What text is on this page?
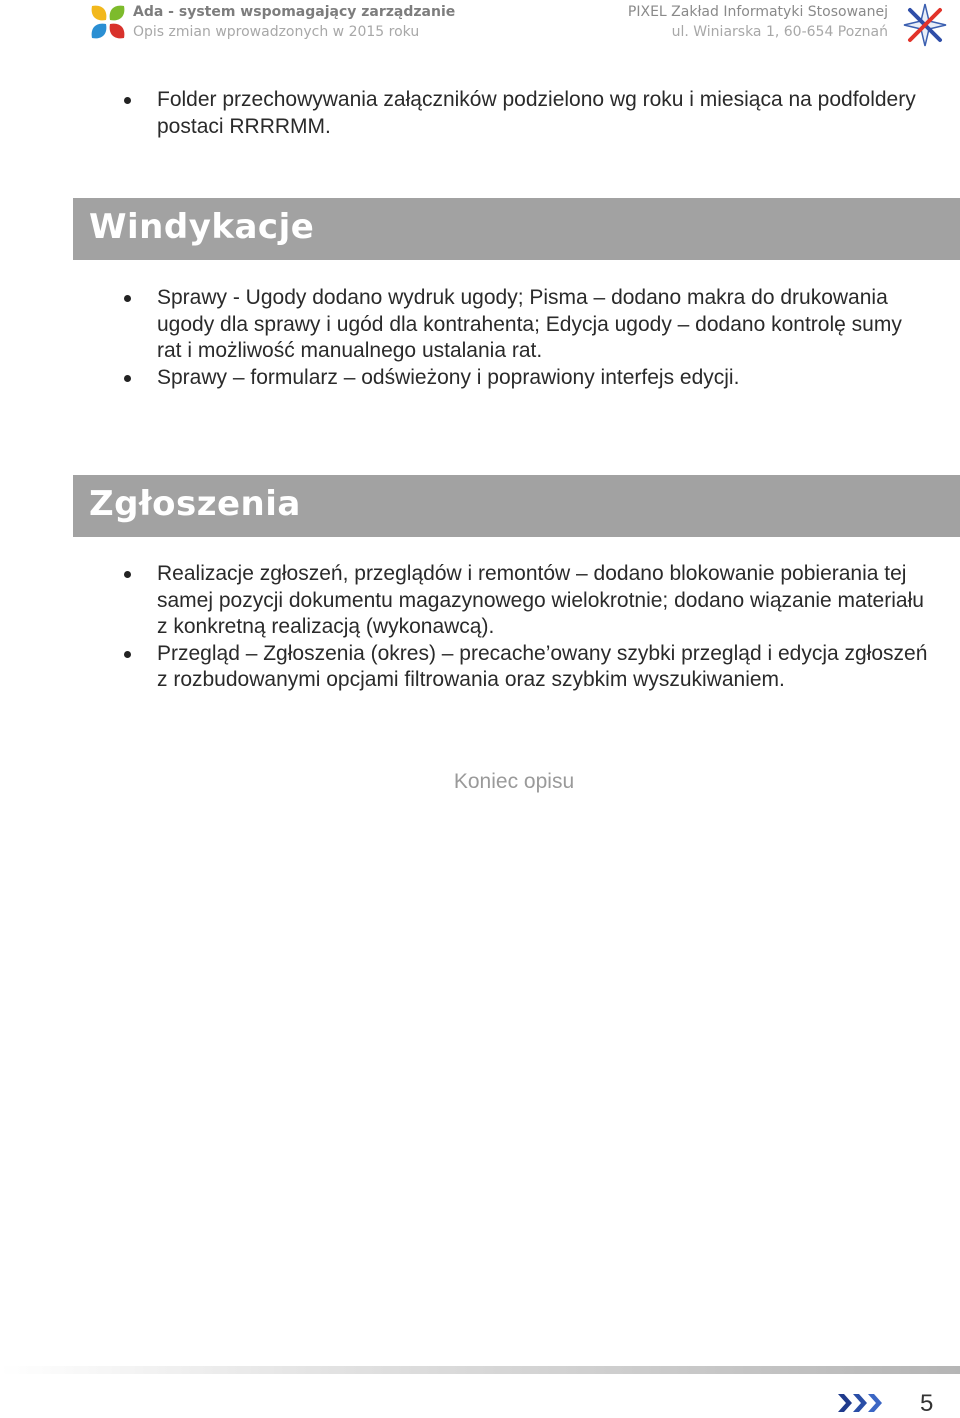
Ada - system wspomagający zarządzanie
Opis zmian wprowadzonych w 2015 roku
PIXEL Zakład Informatyki Stosowanej
ul. Winiarska 1, 60-654 Poznań
Folder przechowywania załączników podzielono wg roku i miesiąca na podfoldery postaci RRRRMM.
Windykacje
Sprawy - Ugody dodano wydruk ugody; Pisma – dodano makra do drukowania ugody dla sprawy i ugód dla kontrahenta; Edycja ugody – dodano kontrolę sumy rat i możliwość manualnego ustalania rat.
Sprawy – formularz – odświeżony i poprawiony interfejs edycji.
Zgłoszenia
Realizacje zgłoszeń, przeglądów i remontów – dodano blokowanie pobierania tej samej pozycji dokumentu magazynowego wielokrotnie; dodano wiązanie materiału z konkretną realizacją (wykonawcą).
Przegląd – Zgłoszenia (okres) – precache’owany szybki przegląd i edycja zgłoszeń z rozbudowanymi opcjami filtrowania oraz szybkim wyszukiwaniem.
Koniec opisu
5
